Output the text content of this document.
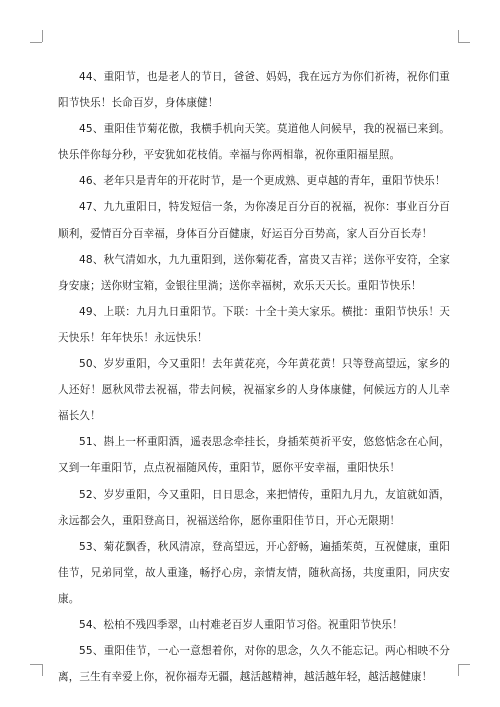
44、重阳节，也是老人的节日，爸爸、妈妈，我在远方为你们祈祷，祝你们重阳节快乐！长命百岁，身体康健！

45、重阳佳节菊花傲，我横手机向天笑。莫道他人问候早，我的祝福已来到。快乐伴你每分秒，平安犹如花枝俏。幸福与你两相靠，祝你重阳福星照。

46、老年只是青年的开花时节，是一个更成熟、更卓越的青年，重阳节快乐！

47、九九重阳日，特发短信一条，为你凑足百分百的祝福，祝你：事业百分百顺利，爱情百分百幸福，身体百分百健康，好运百分百势高，家人百分百长寿！

48、秋气清如水，九九重阳到，送你菊花香，富贵又吉祥；送你平安符，全家身安康；送你财宝箱，金银往里淌；送你幸福树，欢乐天天长。重阳节快乐！

49、上联：九月九日重阳节。下联：十全十美大家乐。横批：重阳节快乐！天天快乐！年年快乐！永远快乐！

50、岁岁重阳，今又重阳！去年黄花亮，今年黄花黄！只等登高望远，家乡的人还好！愿秋风带去祝福，带去问候，祝福家乡的人身体康健，何候远方的人儿幸福长久！

51、斟上一杯重阳酒，遥表思念牵挂长，身插茱萸祈平安，悠悠惦念在心间，又到一年重阳节，点点祝福随风传，重阳节，愿你平安幸福，重阳快乐！

52、岁岁重阳，今又重阳，日日思念，来把情传，重阳九月九，友谊就如酒，永远都会久，重阳登高日，祝福送给你，愿你重阳佳节日，开心无限期！

53、菊花飘香，秋风清凉，登高望远，开心舒畅，遍插茱萸，互祝健康，重阳佳节，兄弟同堂，故人重逢，畅抒心房，亲情友情，随秋高扬，共度重阳，同庆安康。

54、松柏不残四季翠，山村难老百岁人重阳节习俗。祝重阳节快乐！

55、重阳佳节，一心一意想着你，对你的思念，久久不能忘记。两心相映不分离，三生有幸爱上你，祝你福寿无疆，越活越精神，越活越年轻，越活越健康！
